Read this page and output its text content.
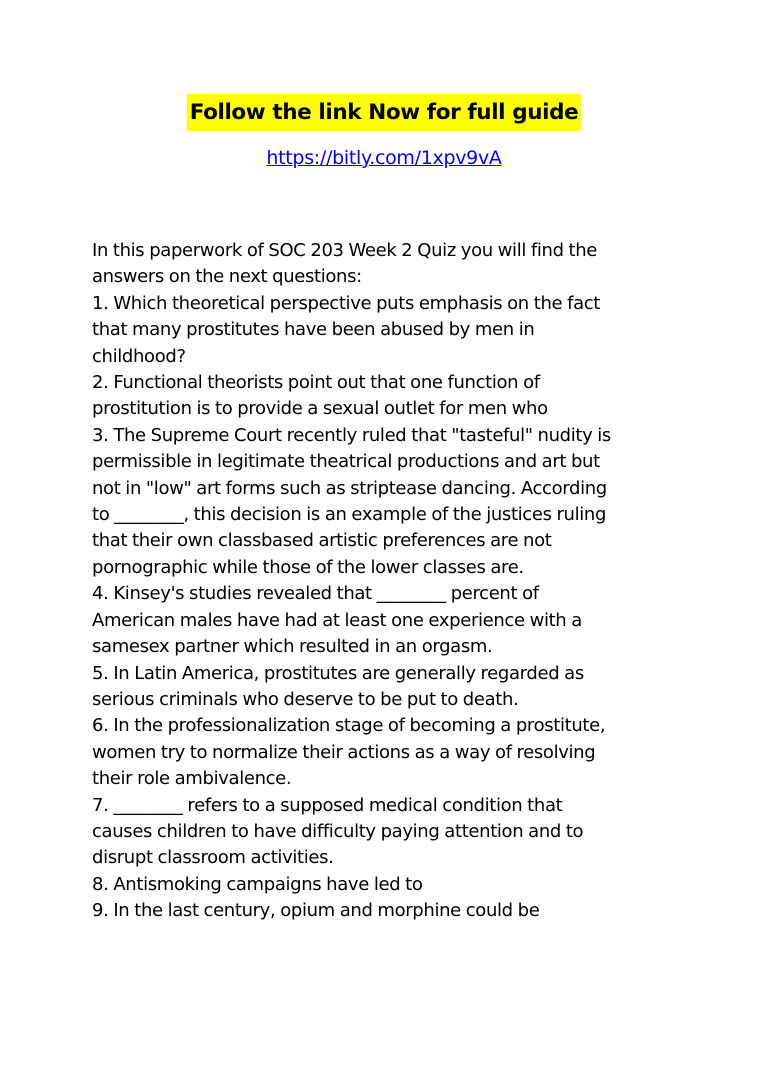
Follow the link Now for full guide
https://bitly.com/1xpv9vA

In this paperwork of SOC 203 Week 2 Quiz you will find the

answers on the next questions:

1. Which theoretical perspective puts emphasis on the fact

that many prostitutes have been abused by men in

childhood?

2. Functional theorists point out that one function of

prostitution is to provide a sexual outlet for men who

3. The Supreme Court recently ruled that "tasteful" nudity is

permissible in legitimate theatrical productions and art but

not in "low" art forms such as striptease dancing. According

to ________, this decision is an example of the justices ruling

that their own classbased artistic preferences are not

pornographic while those of the lower classes are.

4. Kinsey's studies revealed that ________ percent of

American males have had at least one experience with a

samesex partner which resulted in an orgasm.

5. In Latin America, prostitutes are generally regarded as

serious criminals who deserve to be put to death.

6. In the professionalization stage of becoming a prostitute,

women try to normalize their actions as a way of resolving

their role ambivalence.

7. ________ refers to a supposed medical condition that

causes children to have difficulty paying attention and to

disrupt classroom activities.

8. Antismoking campaigns have led to

9. In the last century, opium and morphine could be
